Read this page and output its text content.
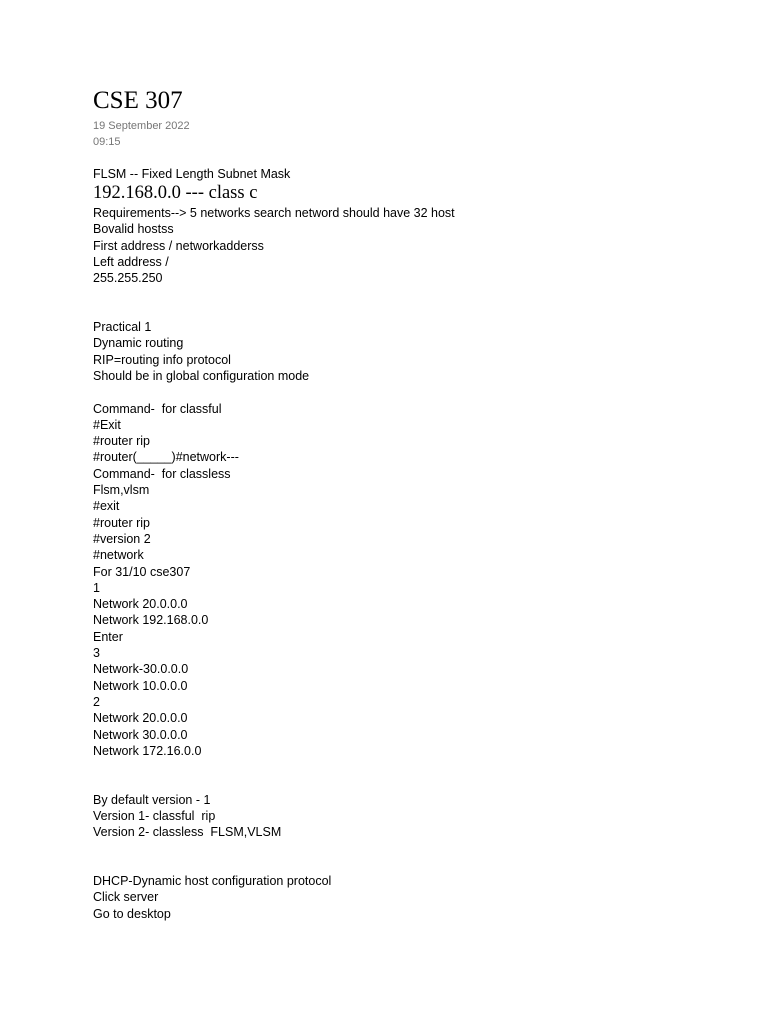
CSE 307
19 September 2022
09:15
FLSM -- Fixed Length Subnet Mask
192.168.0.0 --- class c
Requirements--> 5 networks search netword should have 32 host
Bovalid hostss
First address / networkadderss
Left address /
255.255.250
Practical 1
Dynamic routing
RIP=routing info protocol
Should be in global configuration mode
Command-  for classful
#Exit
#router rip
#router(_____)#network---
Command-  for classless
Flsm,vlsm
#exit
#router rip
#version 2
#network
For 31/10 cse307
1
Network 20.0.0.0
Network 192.168.0.0
Enter
3
Network-30.0.0.0
Network 10.0.0.0
2
Network 20.0.0.0
Network 30.0.0.0
Network 172.16.0.0
By default version - 1
Version 1- classful  rip
Version 2- classless  FLSM,VLSM
DHCP-Dynamic host configuration protocol
Click server
Go to desktop
